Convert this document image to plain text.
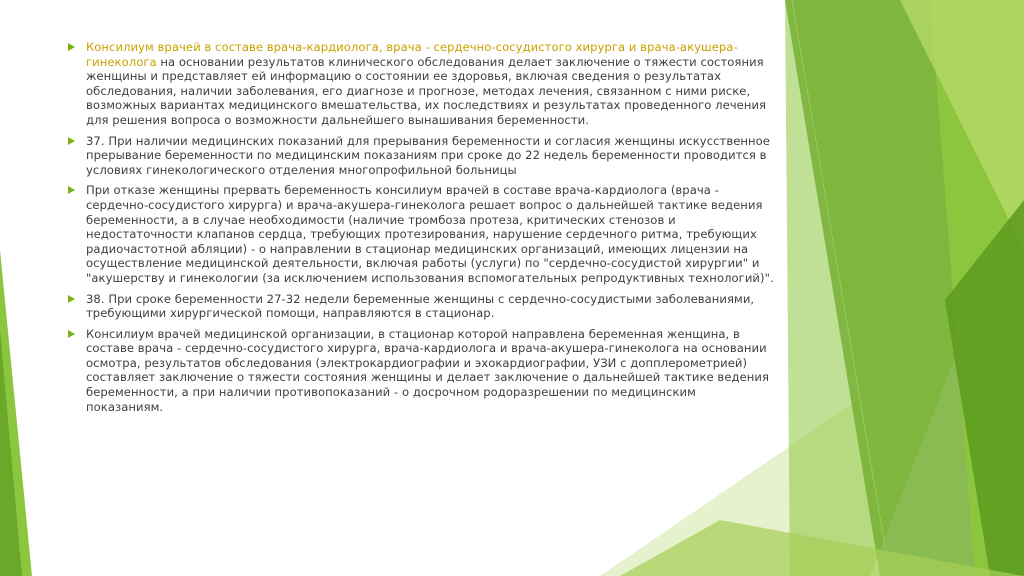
Консилиум врачей в составе врача-кардиолога, врача - сердечно-сосудистого хирурга и врача-акушера-гинеколога на основании результатов клинического обследования делает заключение о тяжести состояния женщины и представляет ей информацию о состоянии ее здоровья, включая сведения о результатах обследования, наличии заболевания, его диагнозе и прогнозе, методах лечения, связанном с ними риске, возможных вариантах медицинского вмешательства, их последствиях и результатах проведенного лечения для решения вопроса о возможности дальнейшего вынашивания беременности.
37. При наличии медицинских показаний для прерывания беременности и согласия женщины искусственное прерывание беременности по медицинским показаниям при сроке до 22 недель беременности проводится в условиях гинекологического отделения многопрофильной больницы
При отказе женщины прервать беременность консилиум врачей в составе врача-кардиолога (врача - сердечно-сосудистого хирурга) и врача-акушера-гинеколога решает вопрос о дальнейшей тактике ведения беременности, а в случае необходимости (наличие тромбоза протеза, критических стенозов и недостаточности клапанов сердца, требующих протезирования, нарушение сердечного ритма, требующих радиочастотной абляции) - о направлении в стационар медицинских организаций, имеющих лицензии на осуществление медицинской деятельности, включая работы (услуги) по "сердечно-сосудистой хирургии" и "акушерству и гинекологии (за исключением использования вспомогательных репродуктивных технологий)".
38. При сроке беременности 27-32 недели беременные женщины с сердечно-сосудистыми заболеваниями, требующими хирургической помощи, направляются в стационар.
Консилиум врачей медицинской организации, в стационар которой направлена беременная женщина, в составе врача - сердечно-сосудистого хирурга, врача-кардиолога и врача-акушера-гинеколога на основании осмотра, результатов обследования (электрокардиографии и эхокардиографии, УЗИ с допплерометрией) составляет заключение о тяжести состояния женщины и делает заключение о дальнейшей тактике ведения беременности, а при наличии противопоказаний - о досрочном родоразрешении по медицинским показаниям.
